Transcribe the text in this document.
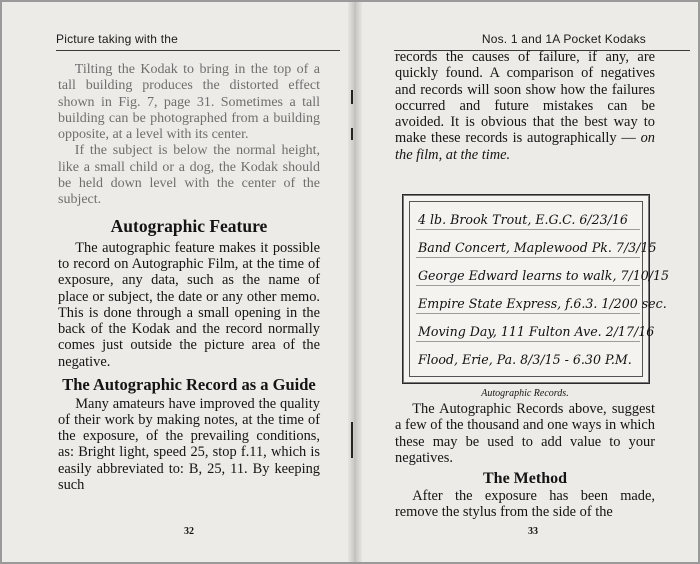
Picture taking with the

Tilting the Kodak to bring in the top of a tall building produces the distorted effect shown in Fig. 7, page 31. Sometimes a tall building can be photographed from a building opposite, at a level with its center.

If the subject is below the normal height, like a small child or a dog, the Kodak should be held down level with the center of the subject.

Autographic Feature

The autographic feature makes it possible to record on Autographic Film, at the time of exposure, any data, such as the name of place or subject, the date or any other memo. This is done through a small opening in the back of the Kodak and the record normally comes just outside the picture area of the negative.

The Autographic Record as a Guide

Many amateurs have improved the quality of their work by making notes, at the time of the exposure, of the prevailing conditions, as: Bright light, speed 25, stop f.11, which is easily abbreviated to: B, 25, 11. By keeping such

32
Nos. 1 and 1A Pocket Kodaks

records the causes of failure, if any, are quickly found. A comparison of negatives and records will soon show how the failures occurred and future mistakes can be avoided. It is obvious that the best way to make these records is autographically — on the film, at the time.

4 lb. Brook Trout, E.G.C. 6/23/16
Band Concert, Maplewood Pk. 7/3/15
George Edward learns to walk, 7/10/15
Empire State Express, f.6.3. 1/200 sec.
Moving Day, 111 Fulton Ave. 2/17/16
Flood, Erie, Pa. 8/3/15 - 6.30 P.M.
Autographic Records.

The Autographic Records above, suggest a few of the thousand and one ways in which these may be used to add value to your negatives.

The Method

After the exposure has been made, remove the stylus from the side of the

33
